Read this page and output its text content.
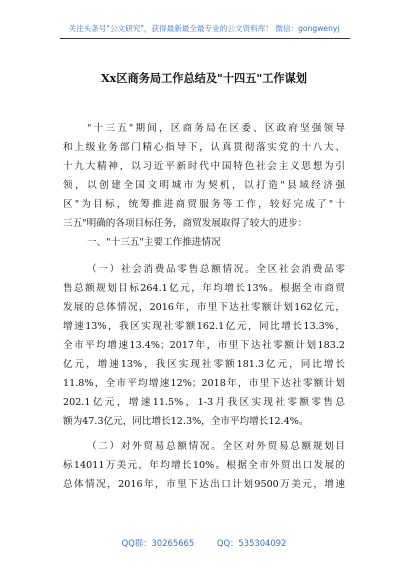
关注头条号"公文研究"，获得最新最全最专业的公文资料库！ 微信：gongwenyj
Xx区商务局工作总结及"十四五"工作谋划
"十三五"期间，区商务局在区委、区政府坚强领导
和上级业务部门精心指导下，认真贯彻落实党的十八大、
十九大精神，以习近平新时代中国特色社会主义思想为引
领，以创建全国文明城市为契机，以打造"县域经济强
区"为目标，统筹推进商贸服务等工作，较好完成了"十
三五"明确的各项目标任务，商贸发展取得了较大的进步：
一、"十三五"主要工作推进情况
（一）社会消费品零售总额情况。全区社会消费品零
售总额规划目标264.1亿元，年均增长13%。根据全市商贸
发展的总体情况，2016年，市里下达社零额计划162亿元，
增速13%，我区实现社零额162.1亿元，同比增长13.3%，
全市平均增速13.4%；2017年，市里下达社零额计划183.2
亿元，增速13%，我区实现社零额181.3亿元，同比增长
11.8%，全市平均增速12%；2018年，市里下达社零额计划
202.1亿元，增速11.5%，1-3月我区实现社零额零售总
额为47.3亿元，同比增长12.3%，全市平均增长12.4%。
（二）对外贸易总额情况。全区对外贸易总额规划目
标14011万美元，年均增长10%。根据全市外贸出口发展的
总体情况，2016年，市里下达出口计划9500万美元，增速
QQ群：30265665	QQ：535304092
